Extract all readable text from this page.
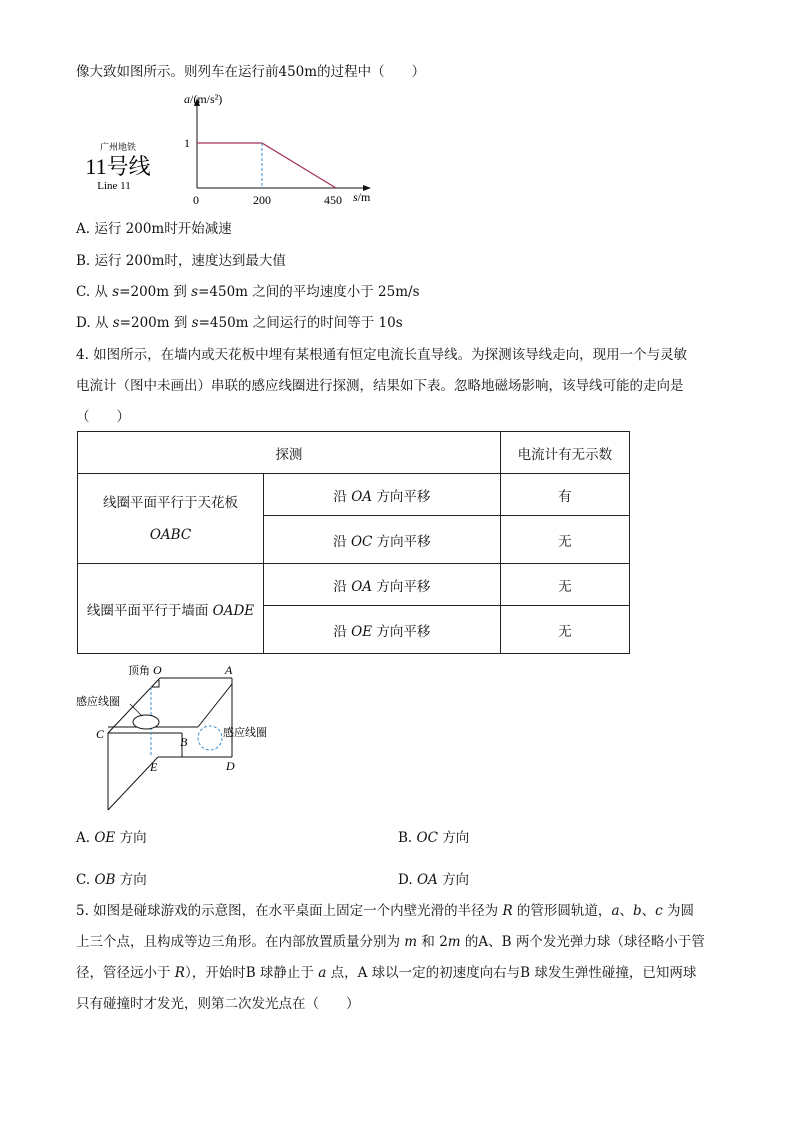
像大致如图所示。则列车在运行前450m的过程中（　　）
广州地铁
11号线
Line 11
a/(m/s²)
1
0	200	450 s/m
A. 运行 200m时开始减速
B. 运行 200m时，速度达到最大值
C. 从 s=200m 到 s=450m 之间的平均速度小于 25m/s
D. 从 s=200m 到 s=450m 之间运行的时间等于 10s
4. 如图所示，在墙内或天花板中埋有某根通有恒定电流长直导线。为探测该导线走向，现用一个与灵敏
电流计（图中未画出）串联的感应线圈进行探测，结果如下表。忽略地磁场影响，该导线可能的走向是
（　　）
探测		电流计有无示数

线圈平面平行于天花板
OABC	沿 OA 方向平移	有
	沿 OC 方向平移	无
线圈平面平行于墙面 OADE	沿 OA 方向平移	无
	沿 OE 方向平移	无
顶角 O	A
感应线圈
C
B
感应线圈
E	D
A. OE 方向	B. OC 方向
C. OB 方向	D. OA 方向
5. 如图是碰球游戏的示意图，在水平桌面上固定一个内壁光滑的半径为 R 的管形圆轨道，a、b、c 为圆
上三个点，且构成等边三角形。在内部放置质量分别为 m 和 2m 的A、B 两个发光弹力球（球径略小于管
径，管径远小于 R），开始时B 球静止于 a 点，A 球以一定的初速度向右与B 球发生弹性碰撞，已知两球
只有碰撞时才发光，则第二次发光点在（　　）
